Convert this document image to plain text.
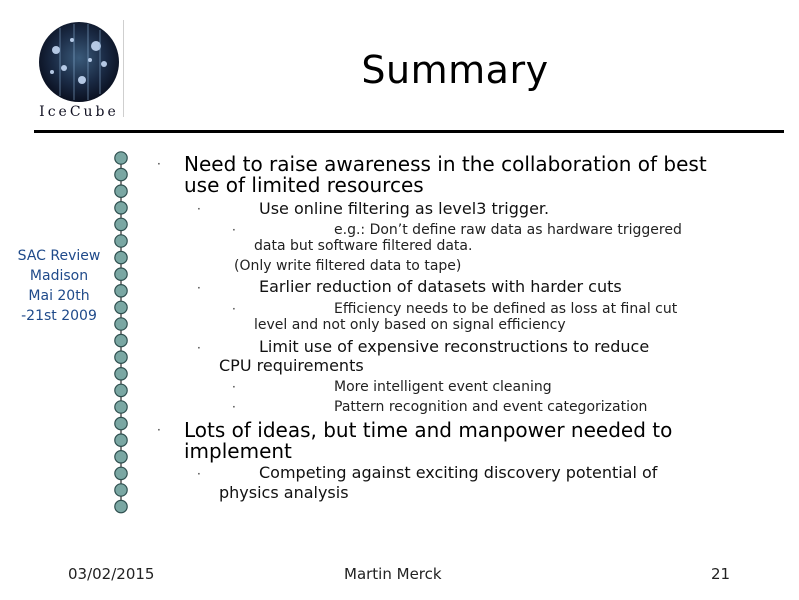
IceCube
Summary
SAC Review
Madison
Mai 20th
-21st 2009
· Need to raise awareness in the collaboration of best
use of limited resources
·	Use online filtering as level3 trigger.
·	e.g.: Don’t define raw data as hardware triggered
data but software filtered data.
(Only write filtered data to tape)
·	Earlier reduction of datasets with harder cuts
·	Efficiency needs to be defined as loss at final cut
level and not only based on signal efficiency
·	Limit use of expensive reconstructions to reduce
CPU requirements
·	More intelligent event cleaning
·	Pattern recognition and event categorization
· Lots of ideas, but time and manpower needed to
implement
·	Competing against exciting discovery potential of
physics analysis
03/02/2015	Martin Merck	21
